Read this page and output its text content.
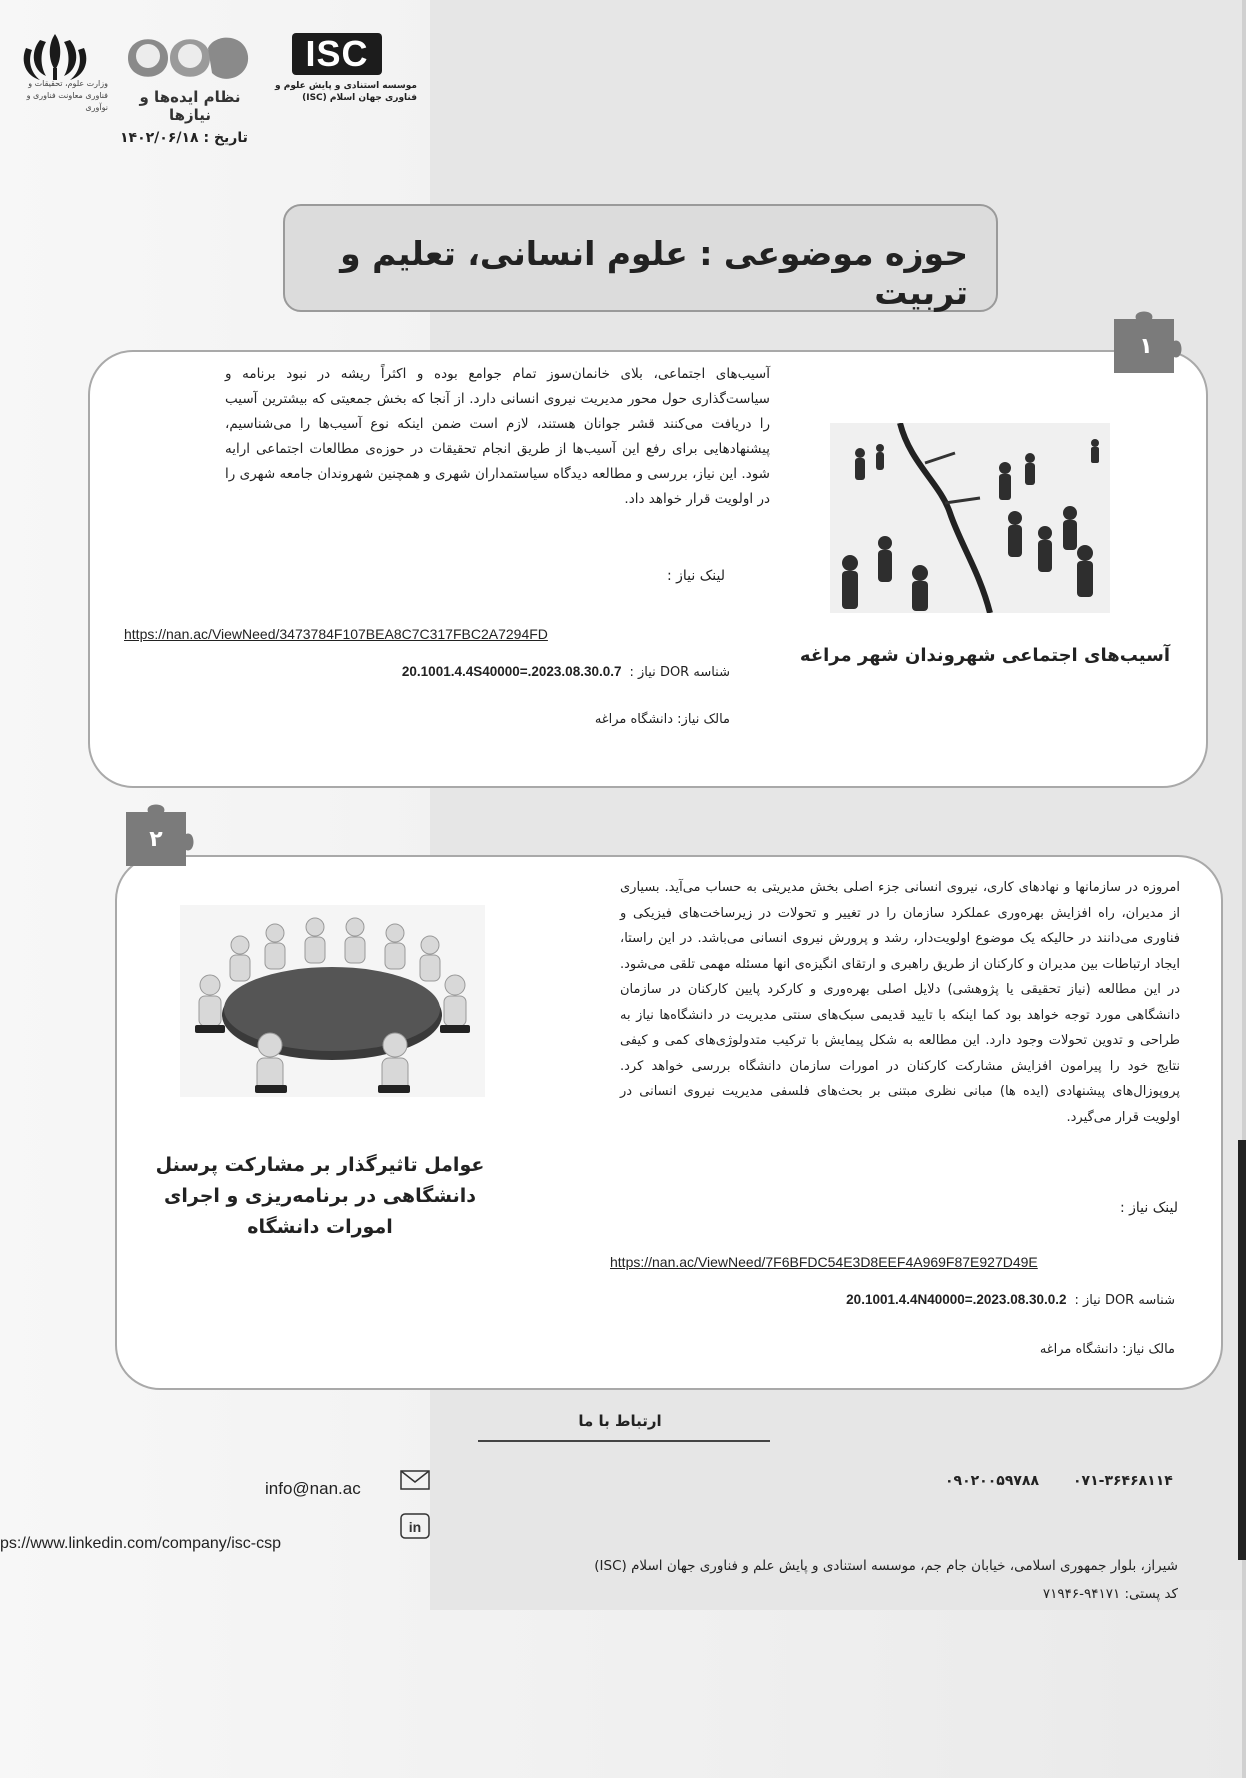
وزارت علوم، تحقیقات و فناوری معاونت فناوری و نوآوری
نظام ایده‌ها و نیازها
ISC
موسسه استنادی و پایش علوم و فناوری جهان اسلام (ISC)
تاریخ : ۱۴۰۲/۰۶/۱۸
حوزه موضوعی : علوم انسانی، تعلیم و تربیت
۱
آسیب‌های اجتماعی، بلای خانمان‌سوز تمام جوامع بوده و اکثراً ریشه در نبود برنامه و سیاست‌گذاری حول محور مدیریت نیروی انسانی دارد. از آنجا که بخش جمعیتی که بیشترین آسیب را دریافت می‌کنند قشر جوانان هستند، لازم است ضمن اینکه نوع آسیب‌ها را می‌شناسیم، پیشنهادهایی برای رفع این آسیب‌ها از طریق انجام تحقیقات در حوزه‌ی مطالعات اجتماعی ارایه شود. این نیاز، بررسی و مطالعه دیدگاه سیاستمداران شهری و همچنین شهروندان جامعه شهری را در اولویت قرار خواهد داد.
آسیب‌های اجتماعی شهروندان شهر مراغه
لینک نیاز :
https://nan.ac/ViewNeed/3473784F107BEA8C7C317FBC2A7294FD
شناسه DOR نیاز :
20.1001.4.4S40000=.2023.08.30.0.7
مالک نیاز: دانشگاه مراغه
۲
عوامل تاثیرگذار بر مشارکت پرسنل دانشگاهی در برنامه‌ریزی و اجرای امورات دانشگاه
امروزه در سازمانها و نهادهای کاری، نیروی انسانی جزء اصلی بخش مدیریتی به حساب می‌آید. بسیاری از مدیران، راه افزایش بهره‌وری عملکرد سازمان را در تغییر و تحولات در زیرساخت‌های فیزیکی و فناوری می‌دانند در حالیکه یک موضوع اولویت‌دار، رشد و پرورش نیروی انسانی می‌باشد. در این راستا، ایجاد ارتباطات بین مدیران و کارکنان از طریق راهبری و ارتقای انگیزه‌ی انها مسئله مهمی تلقی می‌شود. در این مطالعه (نیاز تحقیقی یا پژوهشی) دلایل اصلی بهره‌وری و کارکرد پایین کارکنان در سازمان دانشگاهی مورد توجه خواهد بود کما اینکه با تایید قدیمی سبک‌های سنتی مدیریت در دانشگاه‌ها نیاز به طراحی و تدوین تحولات وجود دارد. این مطالعه به شکل پیمایش با ترکیب متدولوژی‌های کمی و کیفی نتایج خود را پیرامون افزایش مشارکت کارکنان در امورات سازمان دانشگاه بررسی خواهد کرد. پروپوزال‌های پیشنهادی (ایده ها) مبانی نظری مبتنی بر بحث‌های فلسفی مدیریت نیروی انسانی در اولویت قرار می‌گیرد.
لینک نیاز :
https://nan.ac/ViewNeed/7F6BFDC54E3D8EEF4A969F87E927D49E
شناسه DOR نیاز :
20.1001.4.4N40000=.2023.08.30.0.2
مالک نیاز: دانشگاه مراغه
ارتباط با ما
۰۹۰۲۰۰۵۹۷۸۸ ۰۷۱-۳۶۴۶۸۱۱۴
info@nan.ac
in
ps://www.linkedin.com/company/isc-csp
شیراز، بلوار جمهوری اسلامی، خیابان جام جم، موسسه استنادی و پایش علم و فناوری جهان اسلام (ISC)
کد پستی: ۹۴۱۷۱-۷۱۹۴۶
